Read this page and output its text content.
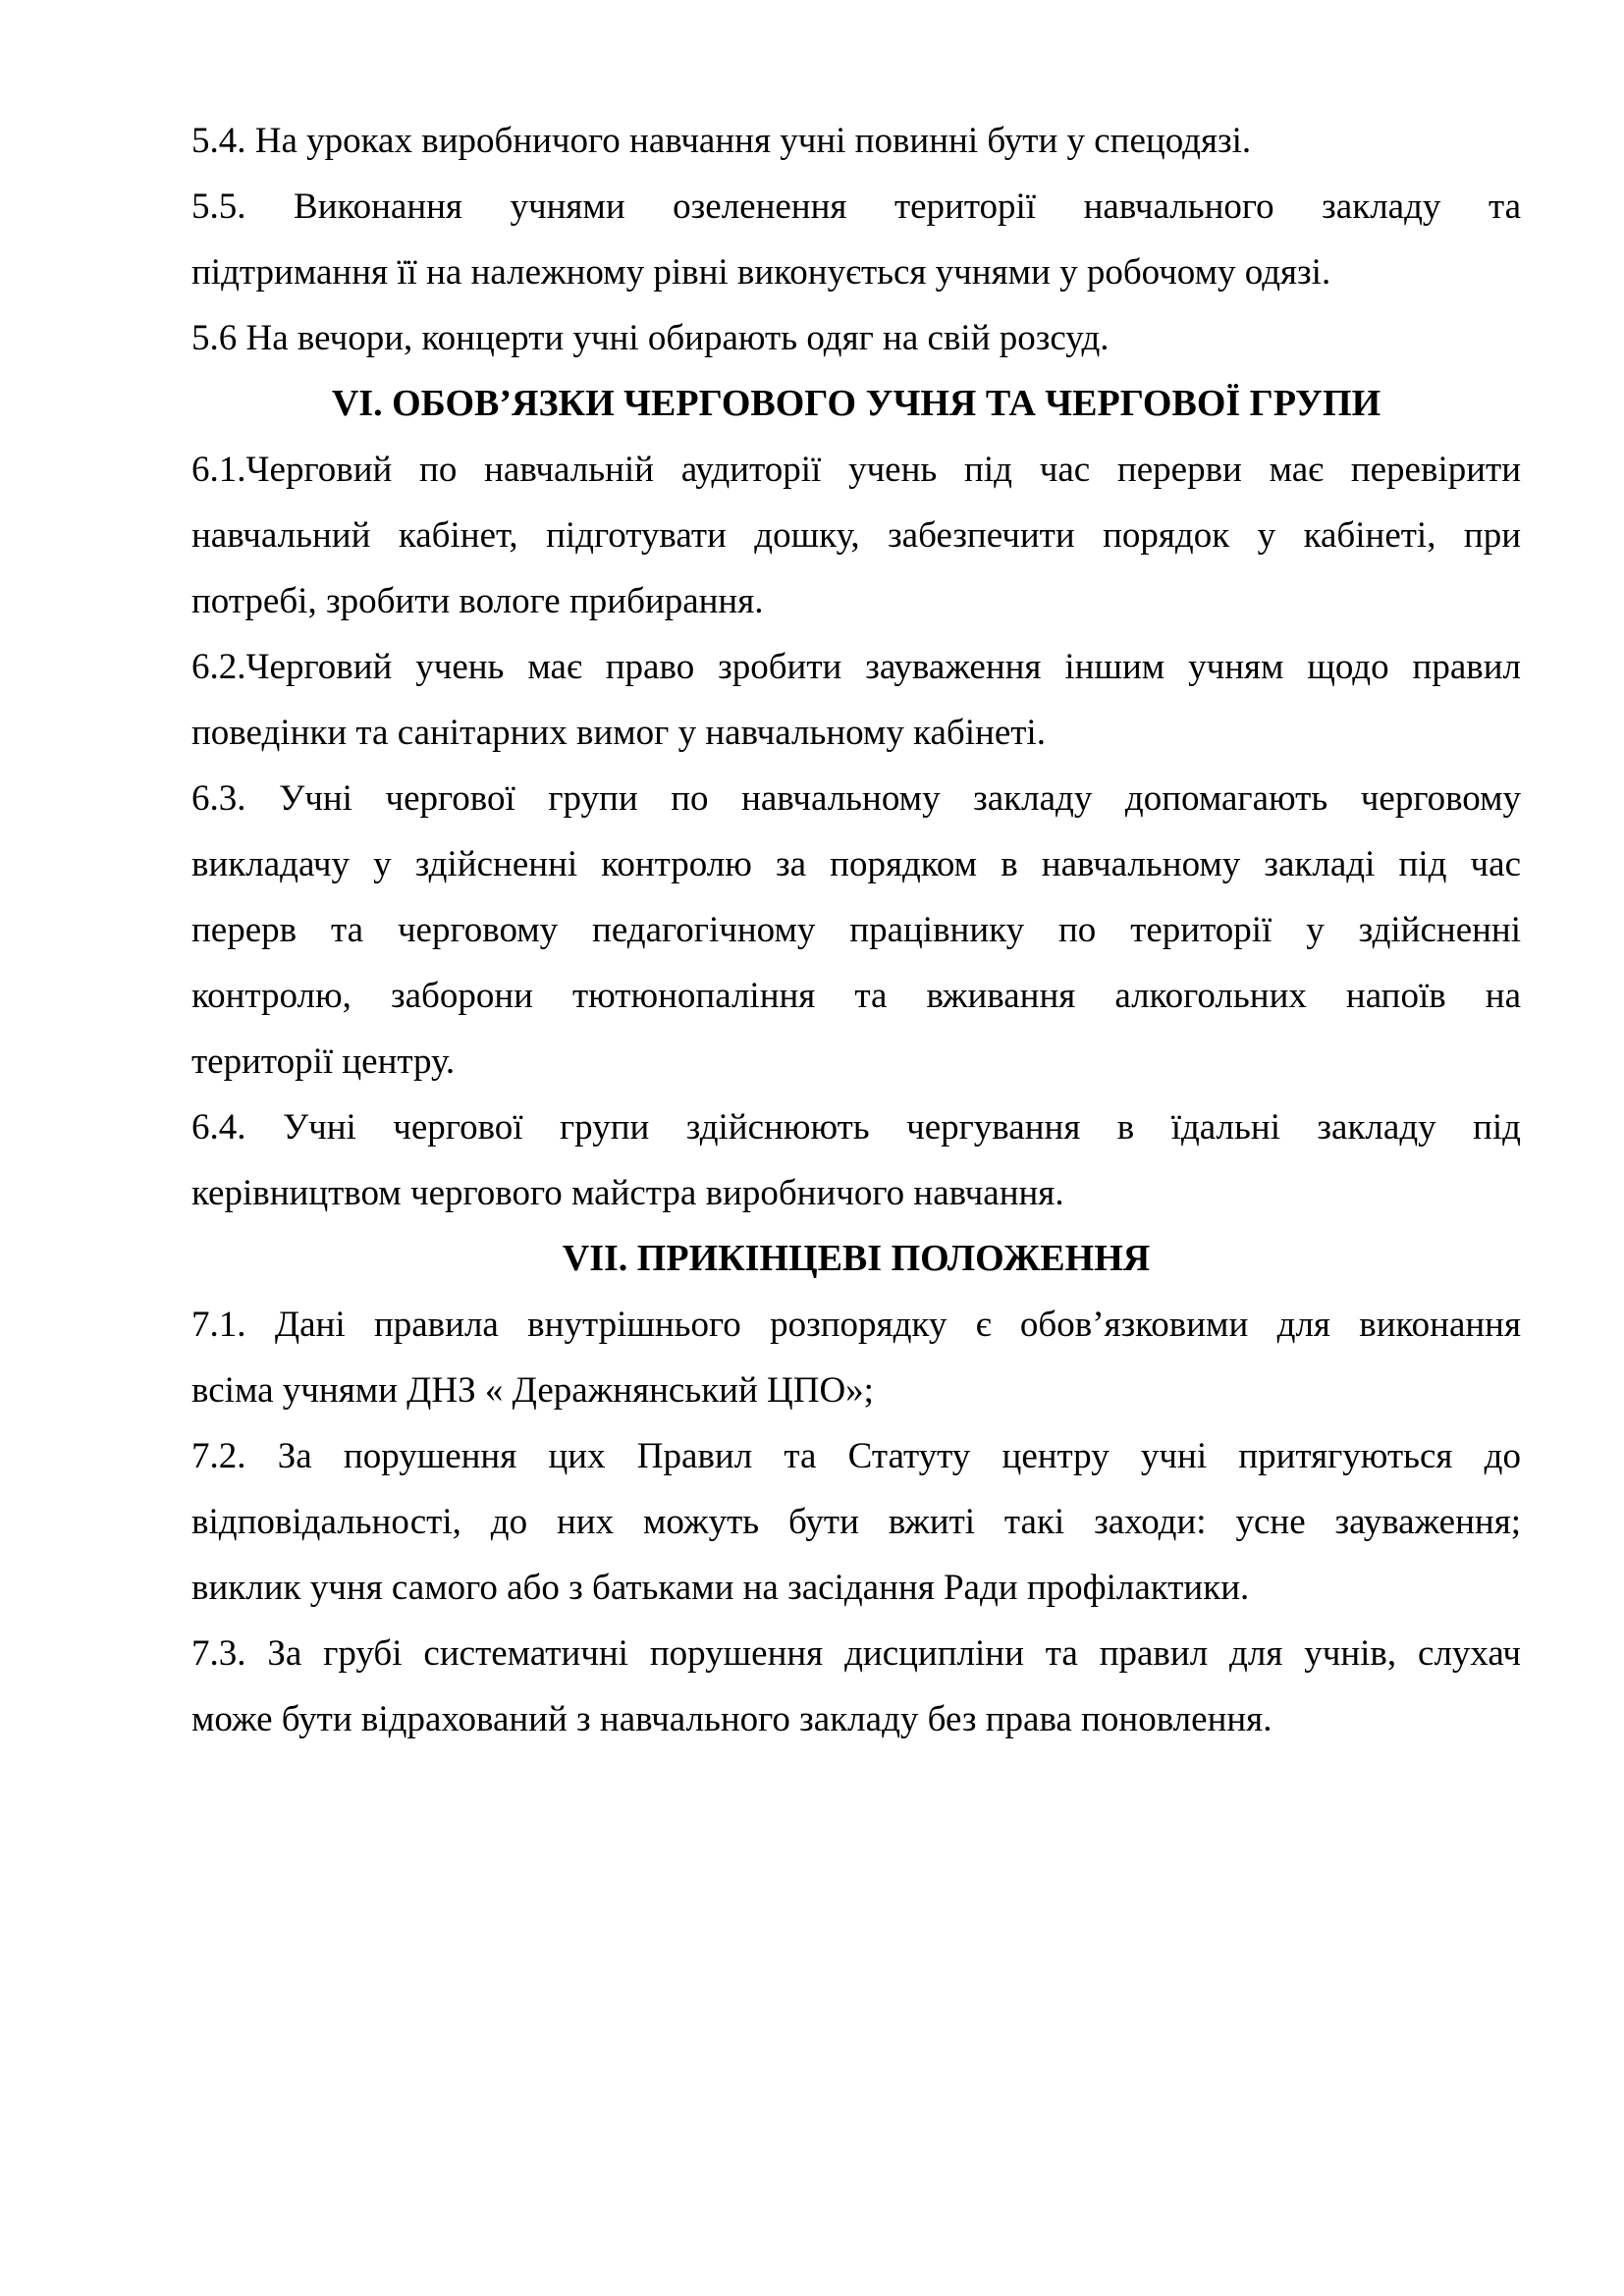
5.4. На уроках виробничого навчання учні повинні бути у спецодязі.
5.5. Виконання учнями озеленення території навчального закладу та
підтримання її на належному рівні виконується учнями у робочому одязі.
5.6 На вечори, концерти учні обирають одяг на свій розсуд.
VI. ОБОВ’ЯЗКИ ЧЕРГОВОГО УЧНЯ ТА ЧЕРГОВОЇ ГРУПИ
6.1.Черговий по навчальній аудиторії учень під час перерви має перевірити
навчальний кабінет, підготувати дошку, забезпечити порядок у кабінеті, при
потребі, зробити вологе прибирання.
6.2.Черговий учень має право зробити зауваження іншим учням щодо правил
поведінки та санітарних вимог у навчальному кабінеті.
6.3. Учні чергової групи по навчальному закладу допомагають черговому
викладачу у здійсненні контролю за порядком в навчальному закладі під час
перерв та черговому педагогічному працівнику по території у здійсненні
контролю, заборони тютюнопаління та вживання алкогольних напоїв на
території центру.
6.4. Учні чергової групи здійснюють чергування в їдальні закладу під
керівництвом чергового майстра виробничого навчання.
VII. ПРИКІНЦЕВІ ПОЛОЖЕННЯ
7.1. Дані правила внутрішнього розпорядку є обов’язковими для виконання
всіма учнями ДНЗ « Деражнянський ЦПО»;
7.2. За порушення цих Правил та Статуту центру учні притягуються до
відповідальності, до них можуть бути вжиті такі заходи: усне зауваження;
виклик учня самого або з батьками на засідання Ради профілактики.
7.3. За грубі систематичні порушення дисципліни та правил для учнів, слухач
може бути відрахований з навчального закладу без права поновлення.
